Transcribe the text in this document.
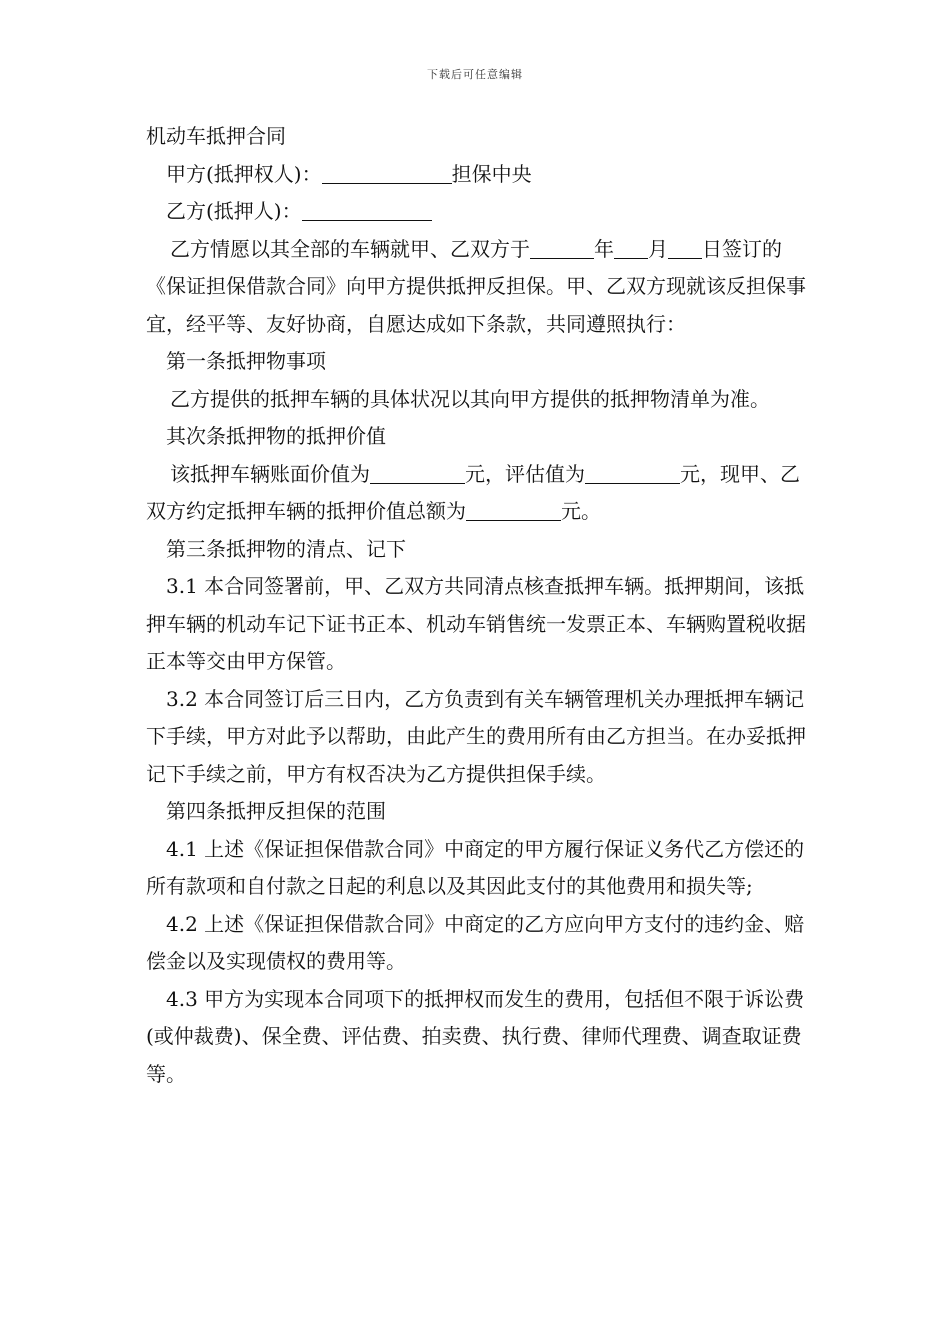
下载后可任意编辑

机动车抵押合同

甲方(抵押权人)：	担保中央

乙方(抵押人)：

乙方情愿以其全部的车辆就甲、乙双方于	年 月 日签订的《保证担保借款合同》向甲方提供抵押反担保。甲、乙双方现就该反担保事宜，经平等、友好协商，自愿达成如下条款，共同遵照执行：

第一条抵押物事项

乙方提供的抵押车辆的具体状况以其向甲方提供的抵押物清单为准。

其次条抵押物的抵押价值

该抵押车辆账面价值为	元，评估值为	元，现甲、乙双方约定抵押车辆的抵押价值总额为	元。

第三条抵押物的清点、记下

3.1 本合同签署前，甲、乙双方共同清点核查抵押车辆。抵押期间，该抵押车辆的机动车记下证书正本、机动车销售统一发票正本、车辆购置税收据正本等交由甲方保管。

3.2 本合同签订后三日内，乙方负责到有关车辆管理机关办理抵押车辆记下手续，甲方对此予以帮助，由此产生的费用所有由乙方担当。在办妥抵押记下手续之前，甲方有权否决为乙方提供担保手续。

第四条抵押反担保的范围

4.1 上述《保证担保借款合同》中商定的甲方履行保证义务代乙方偿还的所有款项和自付款之日起的利息以及其因此支付的其他费用和损失等;

4.2 上述《保证担保借款合同》中商定的乙方应向甲方支付的违约金、赔偿金以及实现债权的费用等。

4.3 甲方为实现本合同项下的抵押权而发生的费用，包括但不限于诉讼费(或仲裁费)、保全费、评估费、拍卖费、执行费、律师代理费、调查取证费等。
